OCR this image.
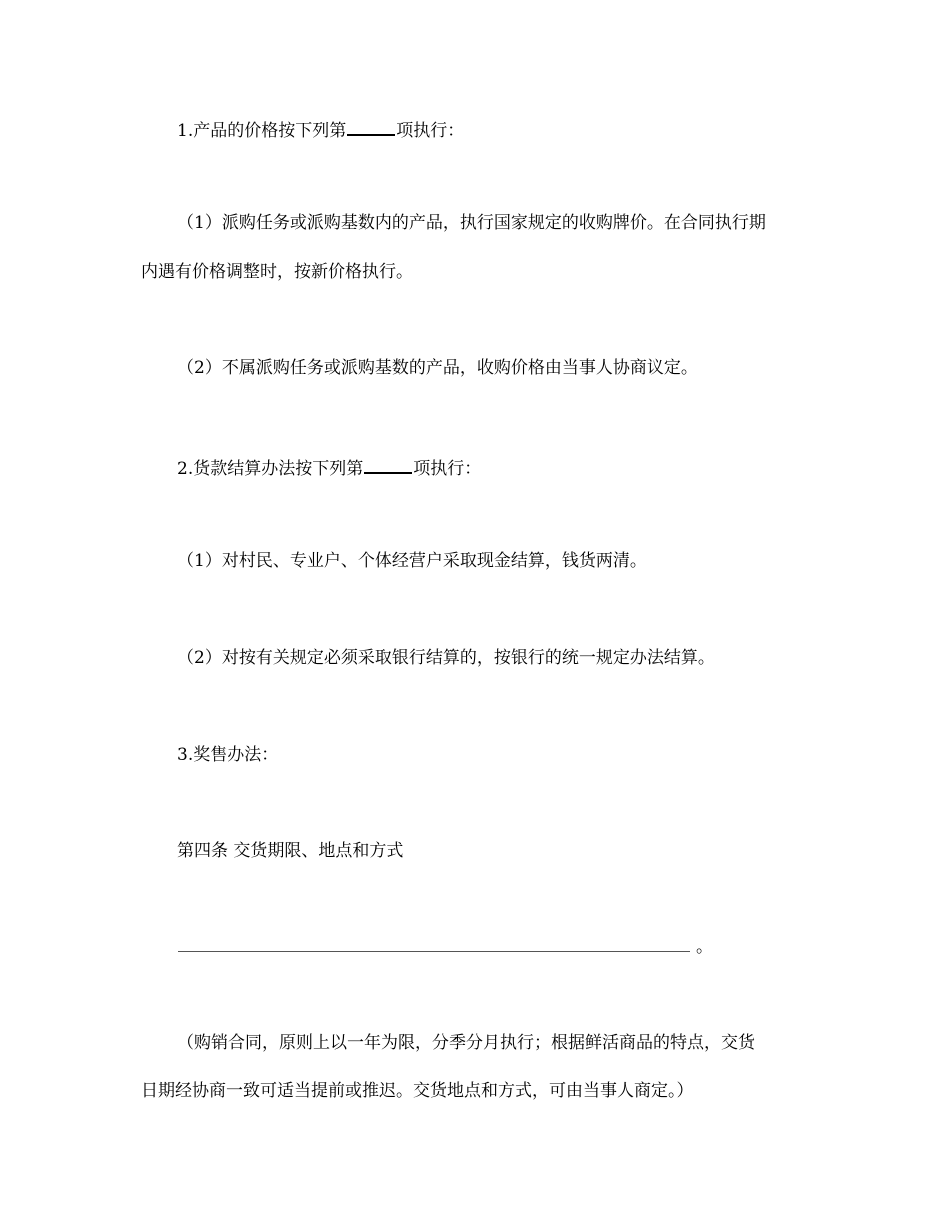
1.产品的价格按下列第	项执行：
（1）派购任务或派购基数内的产品，执行国家规定的收购牌价。在合同执行期
内遇有价格调整时，按新价格执行。
（2）不属派购任务或派购基数的产品，收购价格由当事人协商议定。
2.货款结算办法按下列第	项执行：
（1）对村民、专业户、个体经营户采取现金结算，钱货两清。
（2）对按有关规定必须采取银行结算的，按银行的统一规定办法结算。
3.奖售办法：
第四条 交货期限、地点和方式
。
（购销合同，原则上以一年为限，分季分月执行；根据鲜活商品的特点，交货
日期经协商一致可适当提前或推迟。交货地点和方式，可由当事人商定。）
